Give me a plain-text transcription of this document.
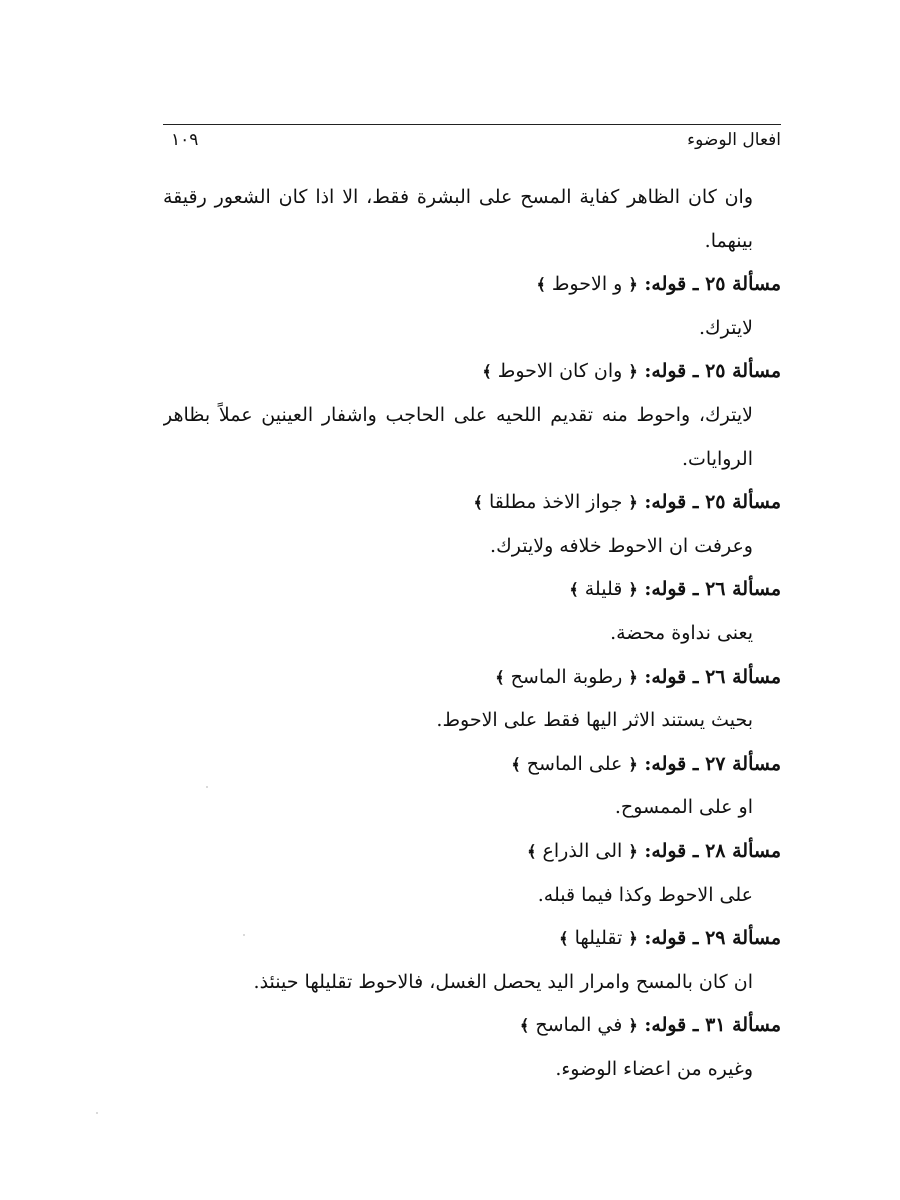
افعال الوضوء
١٠٩
وان كان الظاهر كفاية المسح على البشرة فقط، الا اذا كان الشعور رقيقة
بينهما.
مسألة ٢٥ ـ قوله: ﴿ و الاحوط ﴾
لايترك.
مسألة ٢٥ ـ قوله: ﴿ وان كان الاحوط ﴾
لايترك، واحوط منه تقديم اللحيه على الحاجب واشفار العينين عملاً بظاهر
الروايات.
مسألة ٢٥ ـ قوله: ﴿ جواز الاخذ مطلقا ﴾
وعرفت ان الاحوط خلافه ولايترك.
مسألة ٢٦ ـ قوله: ﴿ قليلة ﴾
يعنى نداوة محضة.
مسألة ٢٦ ـ قوله: ﴿ رطوبة الماسح ﴾
بحيث يستند الاثر اليها فقط على الاحوط.
مسألة ٢٧ ـ قوله: ﴿ على الماسح ﴾
او على الممسوح.
مسألة ٢٨ ـ قوله: ﴿ الى الذراع ﴾
على الاحوط وكذا فيما قبله.
مسألة ٢٩ ـ قوله: ﴿ تقليلها ﴾
ان كان بالمسح وامرار اليد يحصل الغسل، فالاحوط تقليلها حينئذ.
مسألة ٣١ ـ قوله: ﴿ في الماسح ﴾
وغيره من اعضاء الوضوء.
